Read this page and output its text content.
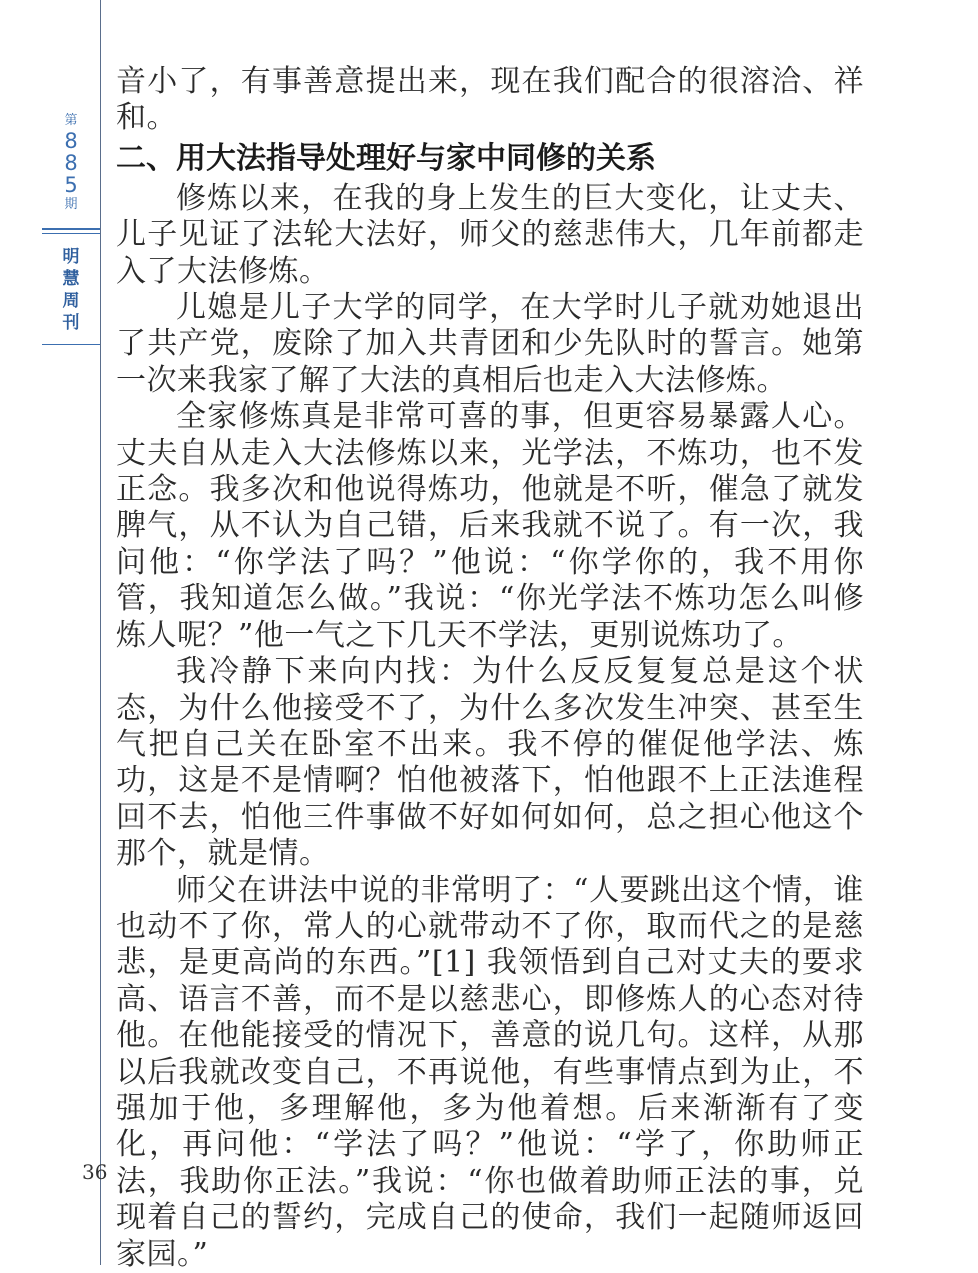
第
8
8
5
期
明
慧
周
刊
36

音小了，有事善意提出来，现在我们配合的很溶洽、祥和。

二、用大法指导处理好与家中同修的关系

修炼以来，在我的身上发生的巨大变化，让丈夫、儿子见证了法轮大法好，师父的慈悲伟大，几年前都走入了大法修炼。

儿媳是儿子大学的同学，在大学时儿子就劝她退出了共产党，废除了加入共青团和少先队时的誓言。她第一次来我家了解了大法的真相后也走入大法修炼。

全家修炼真是非常可喜的事，但更容易暴露人心。丈夫自从走入大法修炼以来，光学法，不炼功，也不发正念。我多次和他说得炼功，他就是不听，催急了就发脾气，从不认为自己错，后来我就不说了。有一次，我问他：“你学法了吗？”他说：“你学你的，我不用你管，我知道怎么做。”我说：“你光学法不炼功怎么叫修炼人呢？”他一气之下几天不学法，更别说炼功了。

我冷静下来向内找：为什么反反复复总是这个状态，为什么他接受不了，为什么多次发生冲突、甚至生气把自己关在卧室不出来。我不停的催促他学法、炼功，这是不是情啊？怕他被落下，怕他跟不上正法進程回不去，怕他三件事做不好如何如何，总之担心他这个那个，就是情。

师父在讲法中说的非常明了：“人要跳出这个情，谁也动不了你，常人的心就带动不了你，取而代之的是慈悲，是更高尚的东西。”[1] 我领悟到自己对丈夫的要求高、语言不善，而不是以慈悲心，即修炼人的心态对待他。在他能接受的情况下，善意的说几句。这样，从那以后我就改变自己，不再说他，有些事情点到为止，不强加于他，多理解他，多为他着想。后来渐渐有了变化，再问他：“学法了吗？”他说：“学了，你助师正法，我助你正法。”我说：“你也做着助师正法的事，兑现着自己的誓约，完成自己的使命，我们一起随师返回家园。”
